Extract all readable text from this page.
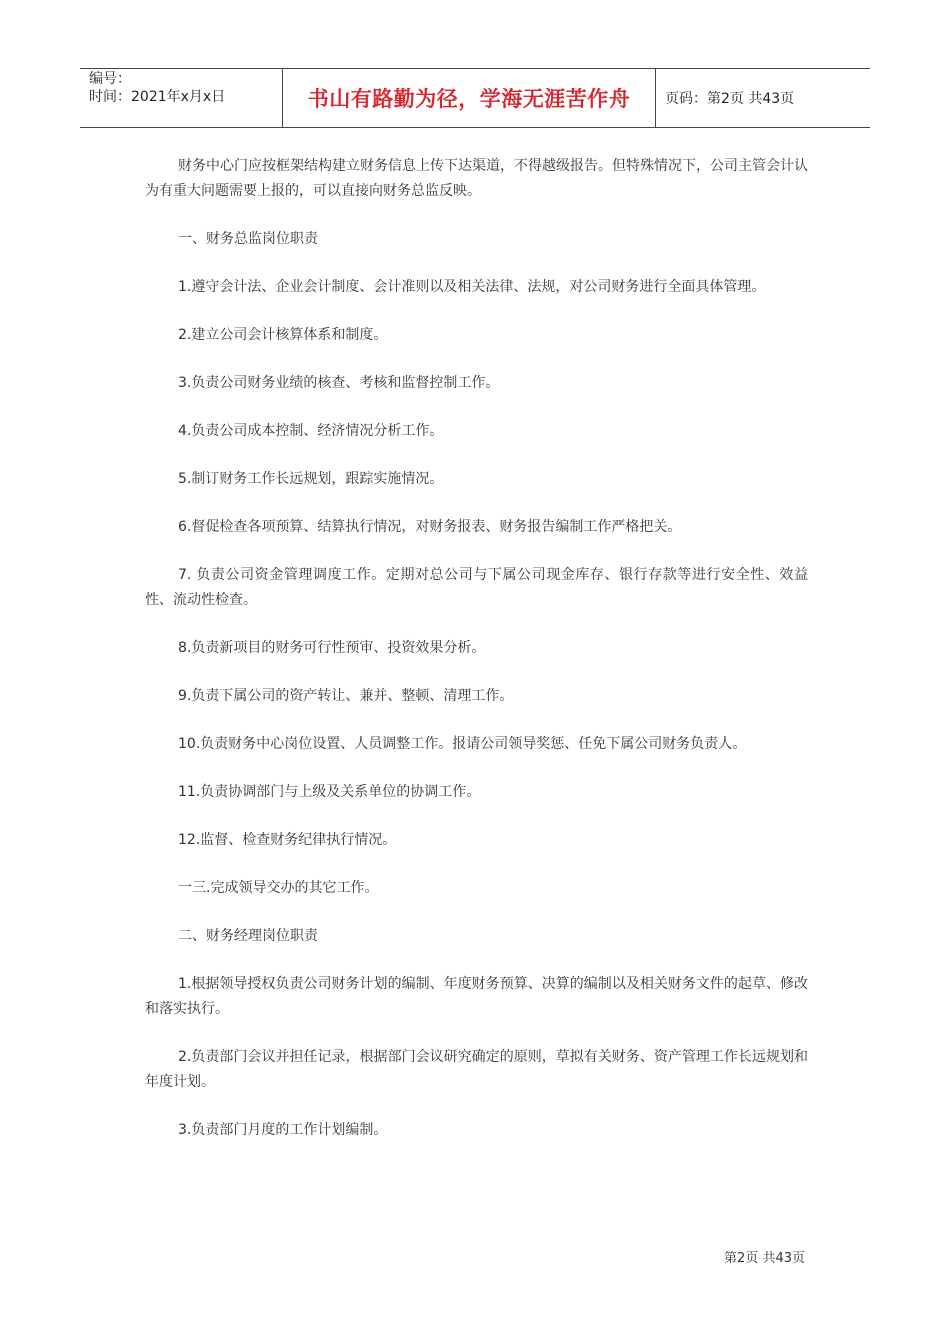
编号：
时间：2021年x月x日	书山有路勤为径，学海无涯苦作舟 页码：第2页 共43页

财务中心门应按框架结构建立财务信息上传下达渠道，不得越级报告。但特殊情况下，公司主管会计认为有重大问题需要上报的，可以直接向财务总监反映。

一、财务总监岗位职责

1.遵守会计法、企业会计制度、会计准则以及相关法律、法规，对公司财务进行全面具体管理。

2.建立公司会计核算体系和制度。

3.负责公司财务业绩的核查、考核和监督控制工作。

4.负责公司成本控制、经济情况分析工作。

5.制订财务工作长远规划，跟踪实施情况。

6.督促检查各项预算、结算执行情况，对财务报表、财务报告编制工作严格把关。

7. 负责公司资金管理调度工作。定期对总公司与下属公司现金库存、银行存款等进行安全性、效益性、流动性检查。

8.负责新项目的财务可行性预审、投资效果分析。

9.负责下属公司的资产转让、兼并、整顿、清理工作。

10.负责财务中心岗位设置、人员调整工作。报请公司领导奖惩、任免下属公司财务负责人。

11.负责协调部门与上级及关系单位的协调工作。

12.监督、检查财务纪律执行情况。

一三.完成领导交办的其它工作。

二、财务经理岗位职责

1.根据领导授权负责公司财务计划的编制、年度财务预算、决算的编制以及相关财务文件的起草、修改和落实执行。

2.负责部门会议并担任记录，根据部门会议研究确定的原则，草拟有关财务、资产管理工作长远规划和年度计划。

3.负责部门月度的工作计划编制。

第2页 共43页
